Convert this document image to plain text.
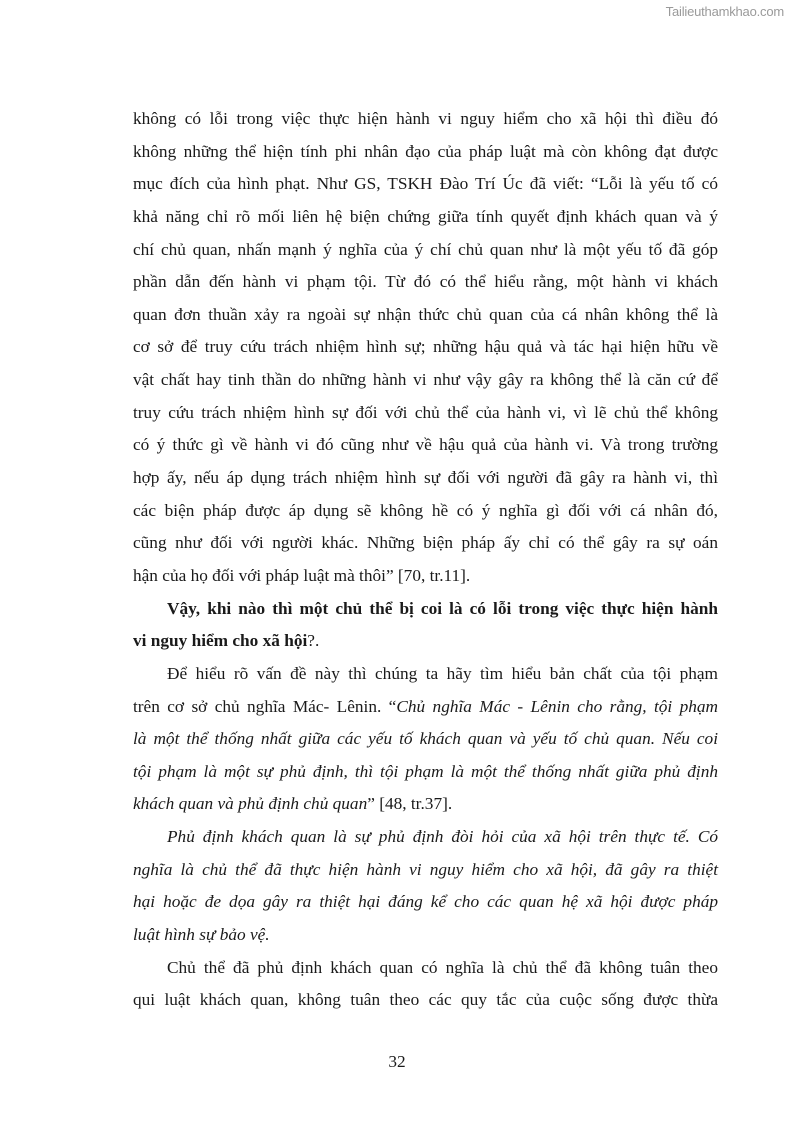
Tailieuthamkhao.com
không có lỗi trong việc thực hiện hành vi nguy hiểm cho xã hội thì điều đó
không những thể hiện tính phi nhân đạo của pháp luật mà còn không đạt được
mục đích của hình phạt. Như GS, TSKH Đào Trí Úc đã viết: “Lỗi là yếu tố có
khả năng chỉ rõ mối liên hệ biện chứng giữa tính quyết định khách quan và ý
chí chủ quan, nhấn mạnh ý nghĩa của ý chí chủ quan như là một yếu tố đã góp
phần dẫn đến hành vi phạm tội. Từ đó có thể hiểu rằng, một hành vi khách
quan đơn thuần xảy ra ngoài sự nhận thức chủ quan của cá nhân không thể là
cơ sở để truy cứu trách nhiệm hình sự; những hậu quả và tác hại hiện hữu về
vật chất hay tinh thần do những hành vi như vậy gây ra không thể là căn cứ để
truy cứu trách nhiệm hình sự đối với chủ thể của hành vi, vì lẽ chủ thể không
có ý thức gì về hành vi đó cũng như về hậu quả của hành vi. Và trong trường
hợp ấy, nếu áp dụng trách nhiệm hình sự đối với người đã gây ra hành vi, thì
các biện pháp được áp dụng sẽ không hề có ý nghĩa gì đối với cá nhân đó,
cũng như đối với người khác. Những biện pháp ấy chỉ có thể gây ra sự oán
hận của họ đối với pháp luật mà thôi” [70, tr.11].
Vậy, khi nào thì một chủ thể bị coi là có lỗi trong việc thực hiện hành
vi nguy hiểm cho xã hội?.
Để hiểu rõ vấn đề này thì chúng ta hãy tìm hiểu bản chất của tội phạm
trên cơ sở chủ nghĩa Mác- Lênin. “Chủ nghĩa Mác - Lênin cho rằng, tội phạm
là một thể thống nhất giữa các yếu tố khách quan và yếu tố chủ quan. Nếu coi
tội phạm là một sự phủ định, thì tội phạm là một thể thống nhất giữa phủ định
khách quan và phủ định chủ quan” [48, tr.37].
Phủ định khách quan là sự phủ định đòi hỏi của xã hội trên thực tế. Có
nghĩa là chủ thể đã thực hiện hành vi nguy hiểm cho xã hội, đã gây ra thiệt
hại hoặc đe dọa gây ra thiệt hại đáng kể cho các quan hệ xã hội được pháp
luật hình sự bảo vệ.
Chủ thể đã phủ định khách quan có nghĩa là chủ thể đã không tuân theo
qui luật khách quan, không tuân theo các quy tắc của cuộc sống được thừa
32
